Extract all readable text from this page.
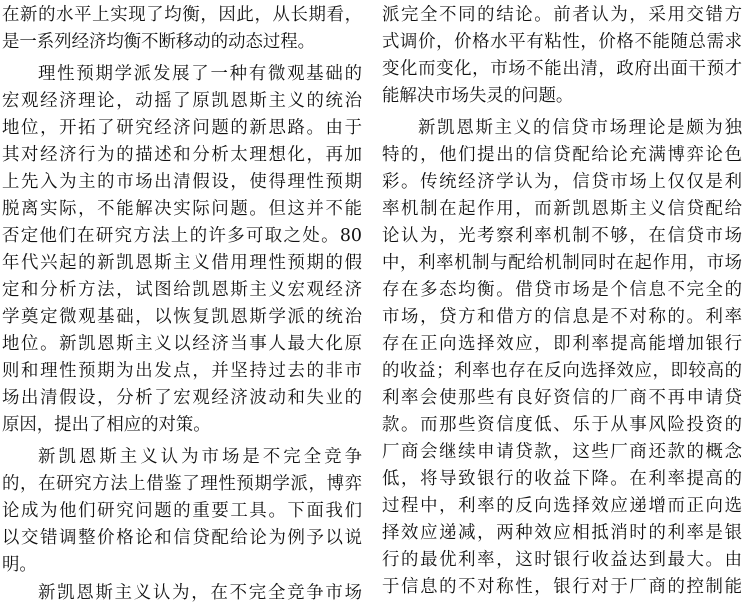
在新的水平上实现了均衡，因此，从长期看，
是一系列经济均衡不断移动的动态过程。
理性预期学派发展了一种有微观基础的
宏观经济理论，动摇了原凯恩斯主义的统治
地位，开拓了研究经济问题的新思路。由于
其对经济行为的描述和分析太理想化，再加
上先入为主的市场出清假设，使得理性预期
脱离实际，不能解决实际问题。但这并不能
否定他们在研究方法上的许多可取之处。80
年代兴起的新凯恩斯主义借用理性预期的假
定和分析方法，试图给凯恩斯主义宏观经济
学奠定微观基础，以恢复凯恩斯学派的统治
地位。新凯恩斯主义以经济当事人最大化原
则和理性预期为出发点，并坚持过去的非市
场出清假设，分析了宏观经济波动和失业的
原因，提出了相应的对策。
新凯恩斯主义认为市场是不完全竞争
的，在研究方法上借鉴了理性预期学派，博弈
论成为他们研究问题的重要工具。下面我们
以交错调整价格论和信贷配给论为例予以说
明。
新凯恩斯主义认为，在不完全竞争市场
派完全不同的结论。前者认为，采用交错方
式调价，价格水平有粘性，价格不能随总需求
变化而变化，市场不能出清，政府出面干预才
能解决市场失灵的问题。
新凯恩斯主义的信贷市场理论是颇为独
特的，他们提出的信贷配给论充满博弈论色
彩。传统经济学认为，信贷市场上仅仅是利
率机制在起作用，而新凯恩斯主义信贷配给
论认为，光考察利率机制不够，在信贷市场
中，利率机制与配给机制同时在起作用，市场
存在多态均衡。借贷市场是个信息不完全的
市场，贷方和借方的信息是不对称的。利率
存在正向选择效应，即利率提高能增加银行
的收益；利率也存在反向选择效应，即较高的
利率会使那些有良好资信的厂商不再申请贷
款。而那些资信度低、乐于从事风险投资的
厂商会继续申请贷款，这些厂商还款的概念
低，将导致银行的收益下降。在利率提高的
过程中，利率的反向选择效应递增而正向选
择效应递减，两种效应相抵消时的利率是银
行的最优利率，这时银行收益达到最大。由
于信息的不对称性，银行对于厂商的控制能
